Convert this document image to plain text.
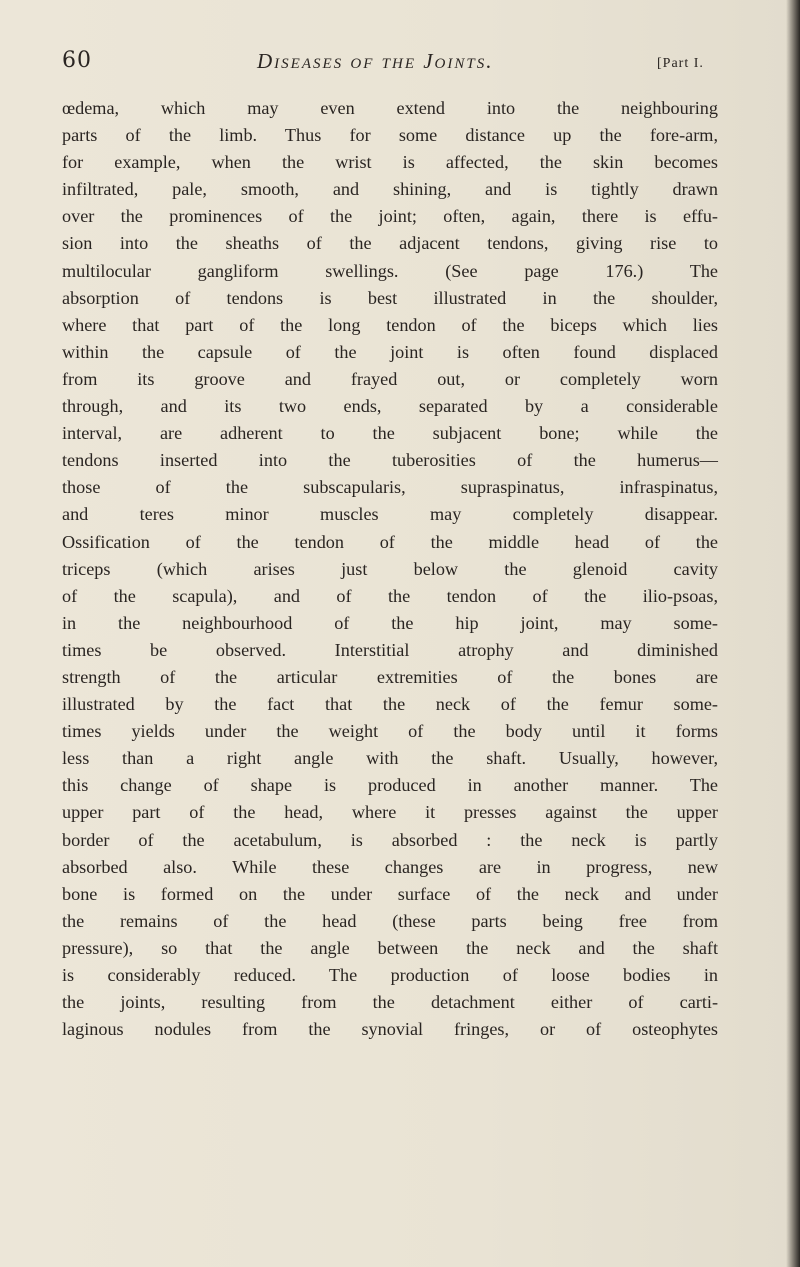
60	Diseases of the Joints.	[Part I.
œdema, which may even extend into the neighbouring
parts of the limb. Thus for some distance up the fore-arm,
for example, when the wrist is affected, the skin becomes
infiltrated, pale, smooth, and shining, and is tightly drawn
over the prominences of the joint; often, again, there is effu-
sion into the sheaths of the adjacent tendons, giving rise to
multilocular gangliform swellings. (See page 176.) The
absorption of tendons is best illustrated in the shoulder,
where that part of the long tendon of the biceps which lies
within the capsule of the joint is often found displaced
from its groove and frayed out, or completely worn
through, and its two ends, separated by a considerable
interval, are adherent to the subjacent bone; while the
tendons inserted into the tuberosities of the humerus—
those of the subscapularis, supraspinatus, infraspinatus,
and teres minor muscles may completely disappear.
Ossification of the tendon of the middle head of the
triceps (which arises just below the glenoid cavity
of the scapula), and of the tendon of the ilio-psoas,
in the neighbourhood of the hip joint, may some-
times be observed. Interstitial atrophy and diminished
strength of the articular extremities of the bones are
illustrated by the fact that the neck of the femur some-
times yields under the weight of the body until it forms
less than a right angle with the shaft. Usually, however,
this change of shape is produced in another manner. The
upper part of the head, where it presses against the upper
border of the acetabulum, is absorbed : the neck is partly
absorbed also. While these changes are in progress, new
bone is formed on the under surface of the neck and under
the remains of the head (these parts being free from
pressure), so that the angle between the neck and the shaft
is considerably reduced. The production of loose bodies in
the joints, resulting from the detachment either of carti-
laginous nodules from the synovial fringes, or of osteophytes
